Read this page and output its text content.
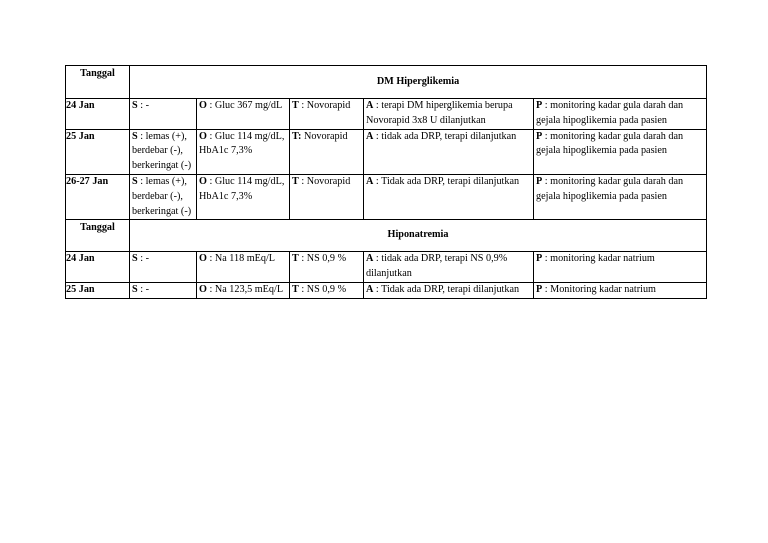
Tanggal	DM Hiperglikemia				
24 Jan	S : -	O : Gluc 367 mg/dL	T : Novorapid	A : terapi DM hiperglikemia berupa Novorapid 3x8 U dilanjutkan	P : monitoring kadar gula darah dan gejala hipoglikemia pada pasien
25 Jan	S : lemas (+), berdebar (-), berkeringat (-)	O : Gluc 114 mg/dL, HbA1c 7,3%	T: Novorapid	A : tidak ada DRP, terapi dilanjutkan	P : monitoring kadar gula darah dan gejala hipoglikemia pada pasien
26-27 Jan	S : lemas (+), berdebar (-), berkeringat (-)	O : Gluc 114 mg/dL, HbA1c 7,3%	T : Novorapid	A : Tidak ada DRP, terapi dilanjutkan	P : monitoring kadar gula darah dan gejala hipoglikemia pada pasien
Tanggal	Hiponatremia				
24 Jan	S : -	O : Na 118 mEq/L	T : NS 0,9 %	A : tidak ada DRP, terapi NS 0,9% dilanjutkan	P : monitoring kadar natrium
25 Jan	S : -	O : Na 123,5 mEq/L	T : NS 0,9 %	A : Tidak ada DRP, terapi dilanjutkan	P : Monitoring kadar natrium
